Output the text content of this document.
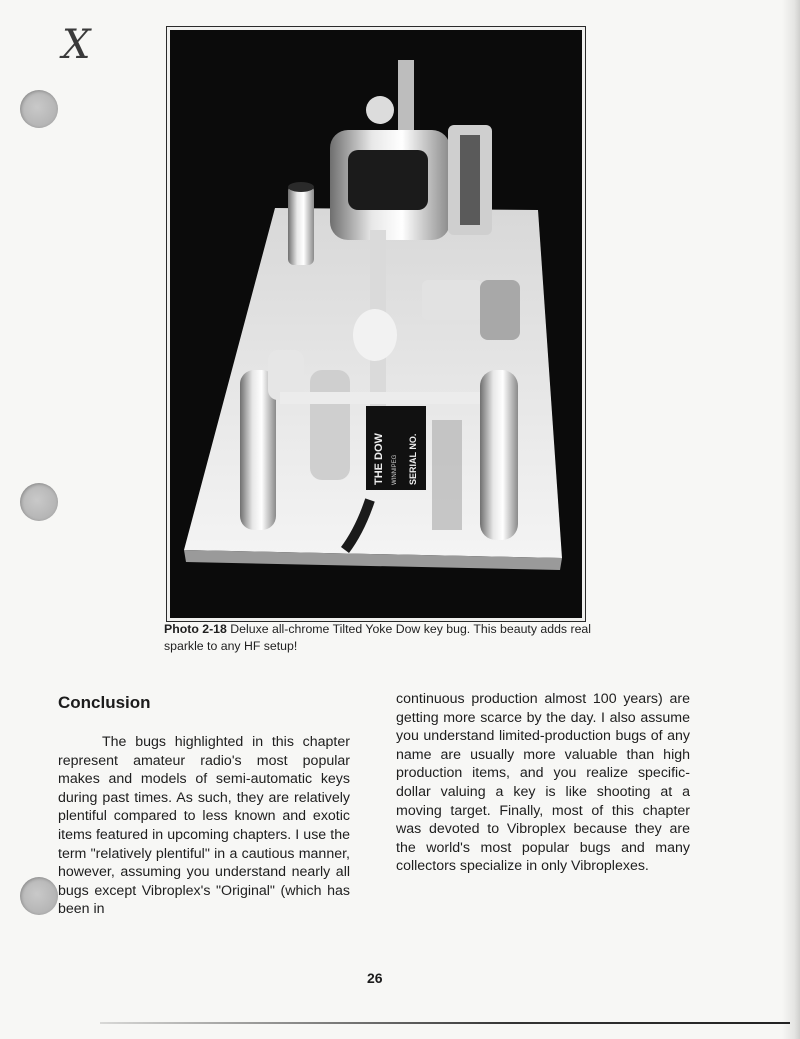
X
THE DOW WINNIPEG SERIAL NO.
Photo 2-18 Deluxe all-chrome Tilted Yoke Dow key bug. This beauty adds real sparkle to any HF setup!
Conclusion
The bugs highlighted in this chapter represent amateur radio's most popular makes and models of semi-automatic keys during past times. As such, they are relatively plentiful compared to less known and exotic items featured in upcoming chapters. I use the term "relatively plentiful" in a cautious manner, however, assuming you understand nearly all bugs except Vibroplex's "Original" (which has been in
continuous production almost 100 years) are getting more scarce by the day. I also assume you understand limited-production bugs of any name are usually more valuable than high production items, and you realize specific-dollar valuing a key is like shooting at a moving target. Finally, most of this chapter was devoted to Vibroplex because they are the world's most popular bugs and many collectors specialize in only Vibroplexes.
26
